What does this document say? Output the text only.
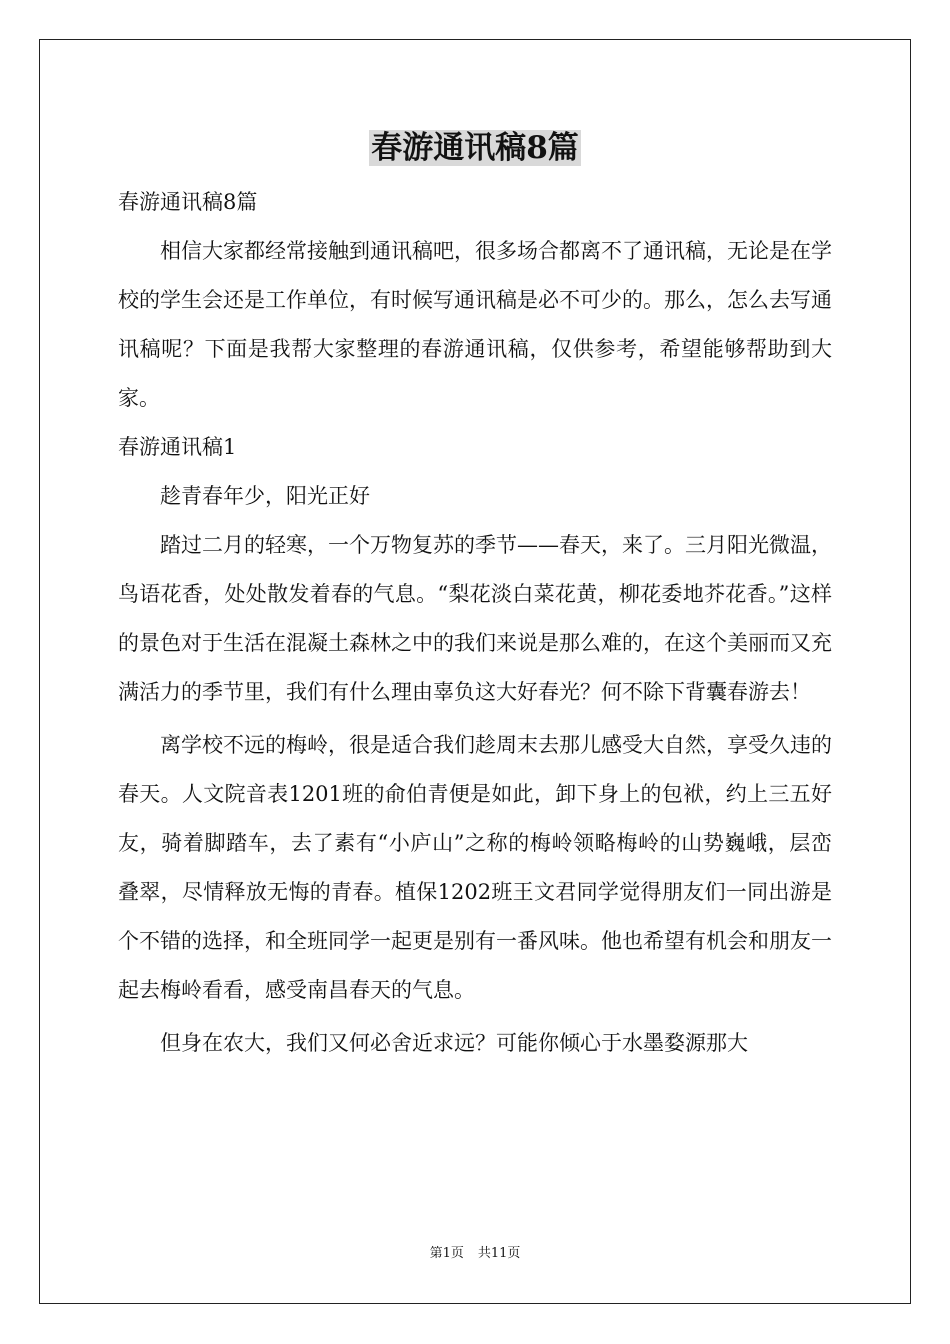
春游通讯稿8篇

春游通讯稿8篇

相信大家都经常接触到通讯稿吧，很多场合都离不了通讯稿，无论是在学校的学生会还是工作单位，有时候写通讯稿是必不可少的。那么，怎么去写通讯稿呢？下面是我帮大家整理的春游通讯稿，仅供参考，希望能够帮助到大家。

春游通讯稿1

趁青春年少，阳光正好

踏过二月的轻寒，一个万物复苏的季节——春天，来了。三月阳光微温，鸟语花香，处处散发着春的气息。“梨花淡白菜花黄，柳花委地芥花香。”这样的景色对于生活在混凝土森林之中的我们来说是那么难的，在这个美丽而又充满活力的季节里，我们有什么理由辜负这大好春光？何不除下背囊春游去！

离学校不远的梅岭，很是适合我们趁周末去那儿感受大自然，享受久违的春天。人文院音表1201班的俞伯青便是如此，卸下身上的包袱，约上三五好友，骑着脚踏车，去了素有“小庐山”之称的梅岭领略梅岭的山势巍峨，层峦叠翠，尽情释放无悔的青春。植保1202班王文君同学觉得朋友们一同出游是个不错的选择，和全班同学一起更是别有一番风味。他也希望有机会和朋友一起去梅岭看看，感受南昌春天的气息。

但身在农大，我们又何必舍近求远？可能你倾心于水墨婺源那大

第1页 共11页
